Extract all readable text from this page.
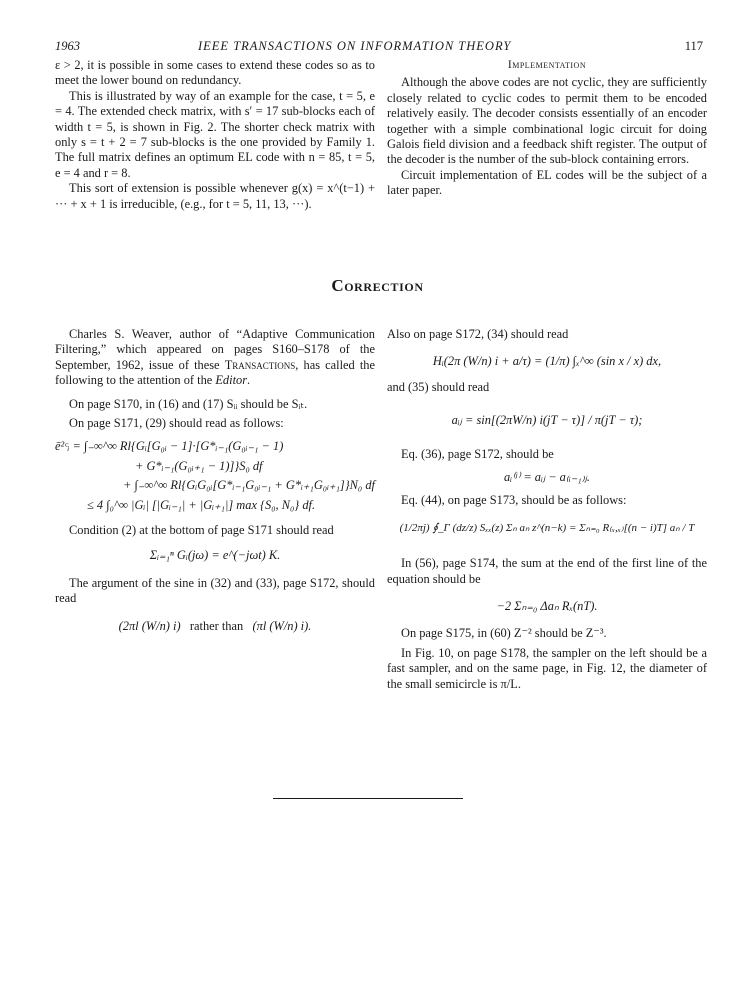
1963	IEEE TRANSACTIONS ON INFORMATION THEORY	117

ε > 2, it is possible in some cases to extend these codes so as to meet the lower bound on redundancy.

This is illustrated by way of an example for the case, t = 5, e = 4. The extended check matrix, with s′ = 17 sub-blocks each of width t = 5, is shown in Fig. 2. The shorter check matrix with only s = t + 2 = 7 sub-blocks is the one provided by Family 1. The full matrix defines an optimum EL code with n = 85, t = 5, e = 4 and r = 8.

This sort of extension is possible whenever g(x) = x^(t−1) + ··· + x + 1 is irreducible, (e.g., for t = 5, 11, 13, ···).

Implementation

Although the above codes are not cyclic, they are sufficiently closely related to cyclic codes to permit them to be encoded relatively easily. The decoder consists essentially of an encoder together with a simple combinational logic circuit for doing Galois field division and a feedback shift register. The output of the decoder is the number of the sub-block containing errors.

Circuit implementation of EL codes will be the subject of a later paper.

Correction

Charles S. Weaver, author of “Adaptive Communication Filtering,” which appeared on pages S160–S178 of the September, 1962, issue of these Transactions, has called the following to the attention of the Editor.

On page S170, in (16) and (17) Sᵢᵢ should be Sᵢₜ.

On page S171, (29) should read as follows:

ē²ᶜᵢ = ∫₋∞^∞ Rl{Gᵢ[G₀ᵢ − 1]·[G*ᵢ₋₁(G₀ᵢ₋₁ − 1)
+ G*ᵢ₋₁(G₀ᵢ₊₁ − 1)]}S₀ df
+ ∫₋∞^∞ Rl{GᵢG₀ᵢ[G*ᵢ₋₁G₀ᵢ₋₁ + G*ᵢ₊₁G₀ᵢ₊₁]}N₀ df
≤ 4 ∫₀^∞ |Gᵢ| [|Gᵢ₋₁| + |Gᵢ₊₁|] max {S₀, N₀} df.

Condition (2) at the bottom of page S171 should read

Σᵢ₌₁ⁿ Gᵢ(jω) = e^(−jωt) K.

The argument of the sine in (32) and (33), page S172, should read

(2πl (W/n) i) rather than (πl (W/n) i).

Also on page S172, (34) should read

Hᵢ(2π (W/n) i + a/τ) = (1/π) ∫ₓ^∞ (sin x / x) dx,

and (35) should read

aᵢⱼ = sin[(2πW/n) i(jT − τ)] / π(jT − τ);

Eq. (36), page S172, should be

aᵢ⁽ʲ⁾ = aᵢⱼ − a₍ᵢ₋₁₎ⱼ.

Eq. (44), on page S173, should be as follows:

(1/2πj) ∮_Γ (dz/z) Sₓₓ(z) Σₙ aₙ z^(n−k) = Σₙ₌₀ R₍ₓ,ₓ₎[(n − i)T] aₙ / T

In (56), page S174, the sum at the end of the first line of the equation should be

−2 Σₙ₌₀ Δaₙ Rₓ(nT).

On page S175, in (60) Z⁻² should be Z⁻³.

In Fig. 10, on page S178, the sampler on the left should be a fast sampler, and on the same page, in Fig. 12, the diameter of the small semicircle is π/L.
